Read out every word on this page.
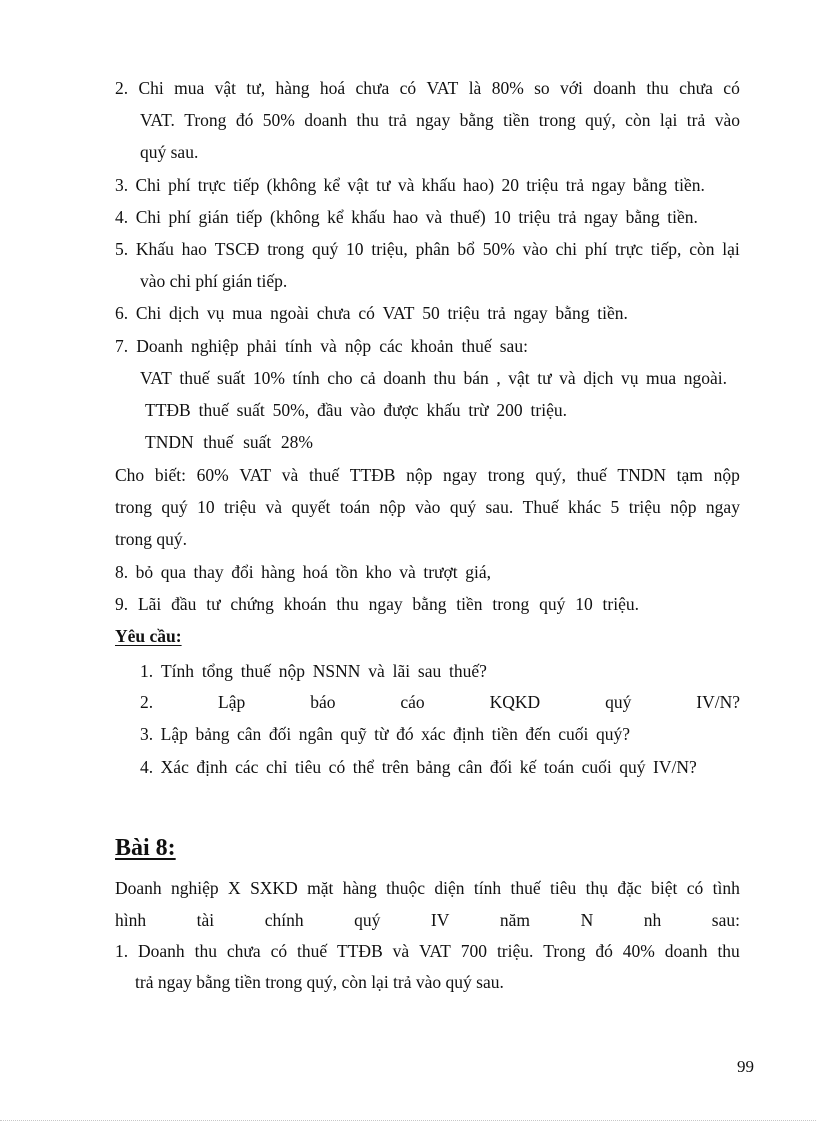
2. Chi mua vật tư, hàng hoá chưa có VAT là 80% so với doanh thu chưa có
VAT. Trong đó 50% doanh thu trả ngay bằng tiền trong quý, còn lại trả vào
quý sau.
3. Chi phí trực tiếp (không kể vật tư và khấu hao) 20 triệu trả ngay bằng tiền.
4. Chi phí gián tiếp (không kể khấu hao và thuế) 10 triệu trả ngay bằng tiền.
5. Khấu hao TSCĐ trong quý 10 triệu, phân bổ 50% vào chi phí trực tiếp, còn lại
vào chi phí gián tiếp.
6. Chi dịch vụ mua ngoài chưa có VAT 50 triệu trả ngay bằng tiền.
7. Doanh nghiệp phải tính và nộp các khoản thuế sau:
VAT thuế suất 10% tính cho cả doanh thu bán , vật tư và dịch vụ mua ngoài.
TTĐB thuế suất 50%, đầu vào được khấu trừ 200 triệu.
TNDN thuế suất 28%
Cho biết: 60% VAT và thuế TTĐB nộp ngay trong quý, thuế TNDN tạm nộp
trong quý 10 triệu và quyết toán nộp vào quý sau. Thuế khác 5 triệu nộp ngay
trong quý.
8. bỏ qua thay đổi hàng hoá tồn kho và trượt giá,
9. Lãi đầu tư chứng khoán thu ngay bằng tiền trong quý 10 triệu.
Yêu cầu:
1. Tính tổng thuế nộp NSNN và lãi sau thuế?
2.	Lập	báo	cáo	KQKD	quý	IV/N?
3. Lập bảng cân đối ngân quỹ từ đó xác định tiền đến cuối quý?
4. Xác định các chỉ tiêu có thể trên bảng cân đối kế toán cuối quý IV/N?
Bài 8:
Doanh nghiệp X SXKD mặt hàng thuộc diện tính thuế tiêu thụ đặc biệt có tình
hình	tài	chính	quý	IV	năm	N	nh	sau:
1. Doanh thu chưa có thuế TTĐB và VAT 700 triệu. Trong đó 40% doanh thu
trả ngay bằng tiền trong quý, còn lại trả vào quý sau.
99
